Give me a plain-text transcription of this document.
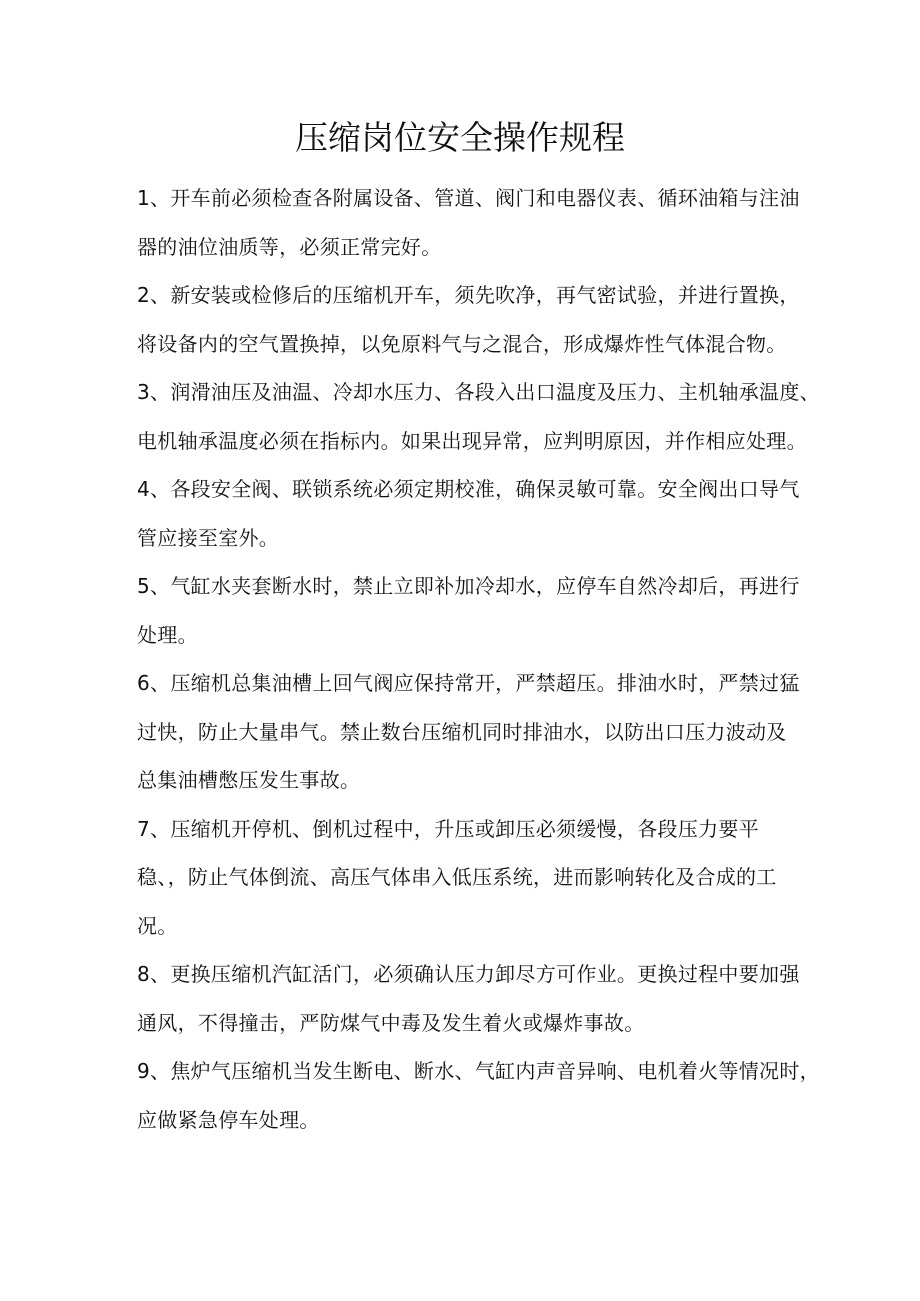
压缩岗位安全操作规程
1、开车前必须检查各附属设备、管道、阀门和电器仪表、循环油箱与注油
器的油位油质等，必须正常完好。
2、新安装或检修后的压缩机开车，须先吹净，再气密试验，并进行置换，
将设备内的空气置换掉，以免原料气与之混合，形成爆炸性气体混合物。
3、润滑油压及油温、冷却水压力、各段入出口温度及压力、主机轴承温度、
电机轴承温度必须在指标内。如果出现异常，应判明原因，并作相应处理。
4、各段安全阀、联锁系统必须定期校准，确保灵敏可靠。安全阀出口导气
管应接至室外。
5、气缸水夹套断水时，禁止立即补加冷却水，应停车自然冷却后，再进行
处理。
6、压缩机总集油槽上回气阀应保持常开，严禁超压。排油水时，严禁过猛
过快，防止大量串气。禁止数台压缩机同时排油水，以防出口压力波动及
总集油槽憋压发生事故。
7、压缩机开停机、倒机过程中，升压或卸压必须缓慢，各段压力要平
稳、，防止气体倒流、高压气体串入低压系统，进而影响转化及合成的工
况。
8、更换压缩机汽缸活门，必须确认压力卸尽方可作业。更换过程中要加强
通风，不得撞击，严防煤气中毒及发生着火或爆炸事故。
9、焦炉气压缩机当发生断电、断水、气缸内声音异响、电机着火等情况时，
应做紧急停车处理。
